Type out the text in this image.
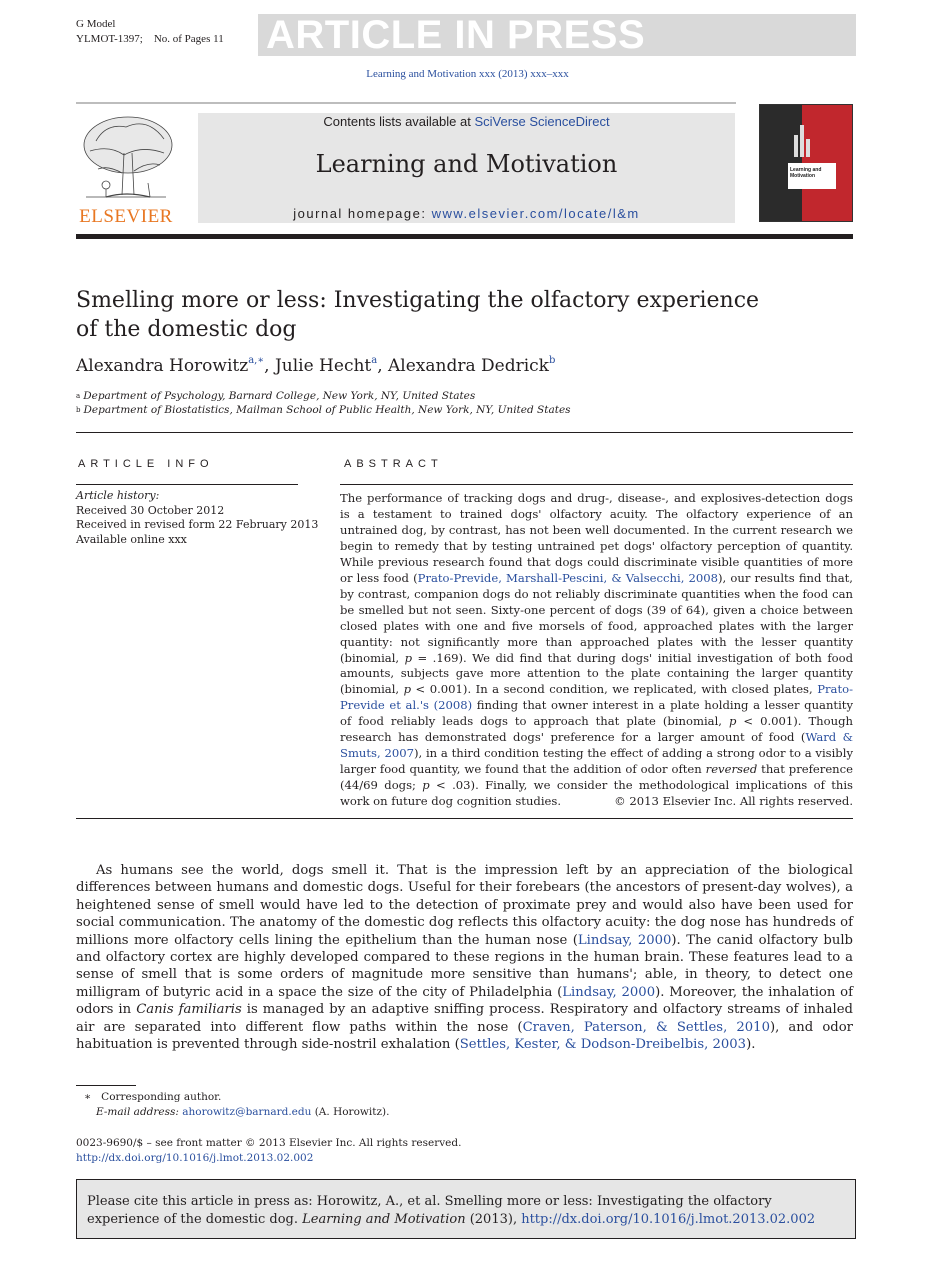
G Model
YLMOT-1397; No. of Pages 11 ARTICLE IN PRESS
Learning and Motivation xxx (2013) xxx–xxx
ELSEVIER
Contents lists available at SciVerse ScienceDirect
Learning and Motivation
journal homepage: www.elsevier.com/locate/l&m
Learning and Motivation
Smelling more or less: Investigating the olfactory experience of the domestic dog
Alexandra Horowitz$^{a,∗}$, Julie Hecht$^a$, Alexandra Dedrick$^b$
$^a$ Department of Psychology, Barnard College, New York, NY, United States
$^b$ Department of Biostatistics, Mailman School of Public Health, New York, NY, United States
ARTICLE INFO
Article history:
Received 30 October 2012
Received in revised form 22 February 2013
Available online xxx
ABSTRACT
The performance of tracking dogs and drug-, disease-, and explosives-detection dogs is a testament to trained dogs' olfactory acuity. The olfactory experience of an untrained dog, by contrast, has not been well documented. In the current research we begin to remedy that by testing untrained pet dogs' olfactory perception of quantity. While previous research found that dogs could discriminate visible quantities of more or less food (Prato-Previde, Marshall-Pescini, & Valsecchi, 2008), our results find that, by contrast, companion dogs do not reliably discriminate quantities when the food can be smelled but not seen. Sixty-one percent of dogs (39 of 64), given a choice between closed plates with one and five morsels of food, approached plates with the larger quantity: not significantly more than approached plates with the lesser quantity (binomial, p = .169). We did find that during dogs' initial investigation of both food amounts, subjects gave more attention to the plate containing the larger quantity (binomial, p < 0.001). In a second condition, we replicated, with closed plates, Prato-Previde et al.'s (2008) finding that owner interest in a plate holding a lesser quantity of food reliably leads dogs to approach that plate (binomial, p < 0.001). Though research has demonstrated dogs' preference for a larger amount of food (Ward & Smuts, 2007), in a third condition testing the effect of adding a strong odor to a visibly larger food quantity, we found that the addition of odor often reversed that preference (44/69 dogs; p < .03). Finally, we consider the methodological implications of this work on future dog cognition studies.	© 2013 Elsevier Inc. All rights reserved.
As humans see the world, dogs smell it. That is the impression left by an appreciation of the biological differences between humans and domestic dogs. Useful for their forebears (the ancestors of present-day wolves), a heightened sense of smell would have led to the detection of proximate prey and would also have been used for social communication. The anatomy of the domestic dog reflects this olfactory acuity: the dog nose has hundreds of millions more olfactory cells lining the epithelium than the human nose (Lindsay, 2000). The canid olfactory bulb and olfactory cortex are highly developed compared to these regions in the human brain. These features lead to a sense of smell that is some orders of magnitude more sensitive than humans'; able, in theory, to detect one milligram of butyric acid in a space the size of the city of Philadelphia (Lindsay, 2000). Moreover, the inhalation of odors in Canis familiaris is managed by an adaptive sniffing process. Respiratory and olfactory streams of inhaled air are separated into different flow paths within the nose (Craven, Paterson, & Settles, 2010), and odor habituation is prevented through side-nostril exhalation (Settles, Kester, & Dodson-Dreibelbis, 2003).
∗ Corresponding author.
E-mail address: ahorowitz@barnard.edu (A. Horowitz).
0023-9690/$ – see front matter © 2013 Elsevier Inc. All rights reserved.
http://dx.doi.org/10.1016/j.lmot.2013.02.002
Please cite this article in press as: Horowitz, A., et al. Smelling more or less: Investigating the olfactory experience of the domestic dog. Learning and Motivation (2013), http://dx.doi.org/10.1016/j.lmot.2013.02.002
